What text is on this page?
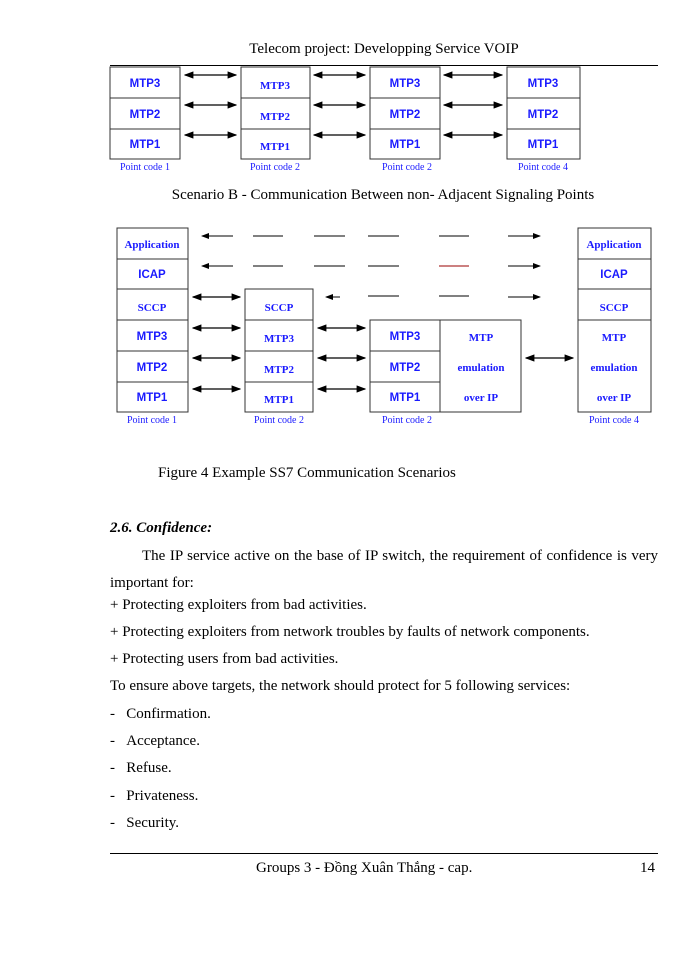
Telecom project: Developping Service VOIP
MTP3
MTP2
MTP1
MTP3
MTP2
MTP1
MTP3
MTP2
MTP1
MTP3
MTP2
MTP1
Point code 1	Point code 2	Point code 2	Point code 4
Scenario B - Communication Between non- Adjacent Signaling Points
Application
ICAP
SCCP
MTP3
MTP2
MTP1
SCCP
MTP3
MTP2
MTP1
MTP3
MTP2
MTP1
MTP
emulation
over IP
Application
ICAP
SCCP
MTP
emulation
over IP
Point code 1	Point code 2	Point code 2	Point code 4
Figure 4 Example SS7 Communication Scenarios
2.6. Confidence:
The IP service active on the base of IP switch, the requirement of confidence is very important for:
+ Protecting exploiters from bad activities.
+ Protecting exploiters from network troubles by faults of network components.
+ Protecting users from bad activities.
To ensure above targets, the network should protect for 5 following services:
-   Confirmation.
-   Acceptance.
-   Refuse.
-   Privateness.
-   Security.
Groups 3 - Đồng Xuân Thắng - cap.	14
